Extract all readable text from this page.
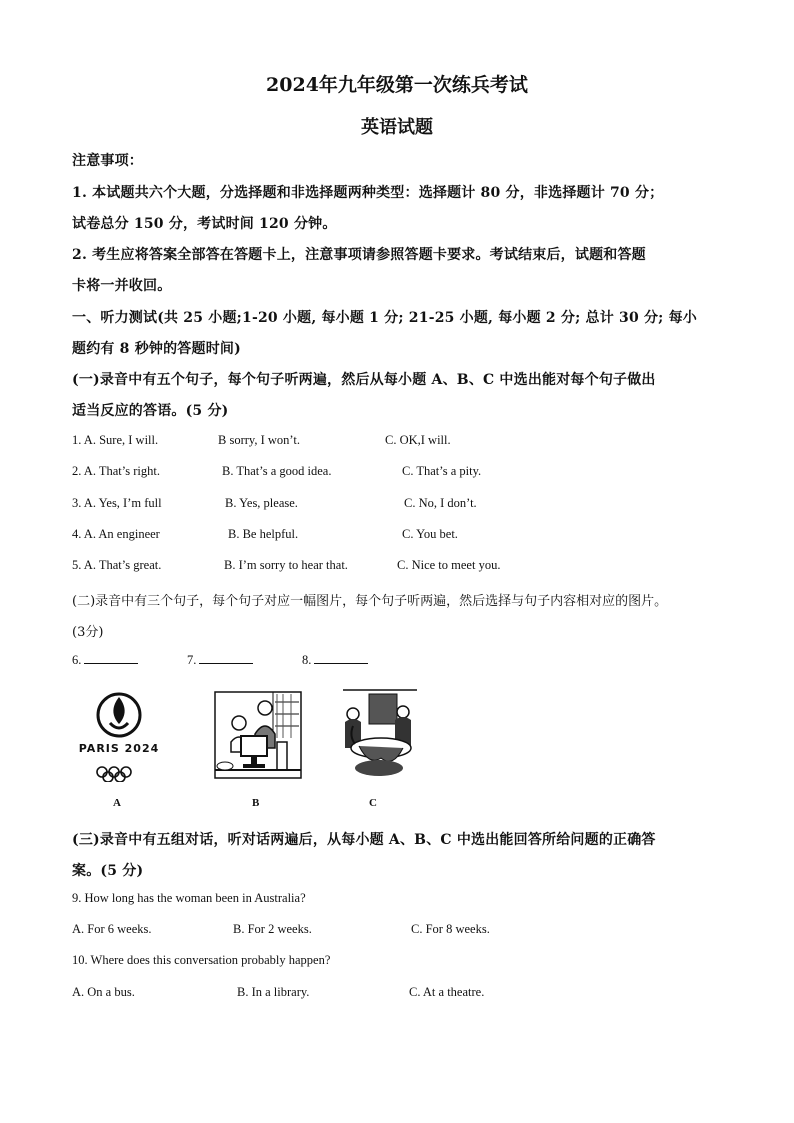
2024年九年级第一次练兵考试
英语试题
注意事项：
1. 本试题共六个大题，分选择题和非选择题两种类型：选择题计 80 分，非选择题计 70 分；
试卷总分 150 分，考试时间 120 分钟。
2. 考生应将答案全部答在答题卡上，注意事项请参照答题卡要求。考试结束后，试题和答题
卡将一并收回。
一、听力测试(共 25 小题;1-20 小题, 每小题 1 分; 21-25 小题, 每小题 2 分; 总计 30 分; 每小
题约有 8 秒钟的答题时间)
(一)录音中有五个句子，每个句子听两遍，然后从每小题 A、B、C 中选出能对每个句子做出
适当反应的答语。(5 分)
1. A. Sure, I will.	B sorry, I won’t.	C. OK,I will.
2. A. That’s right.	B. That’s a good idea.	C. That’s a pity.
3. A. Yes, I’m full	B. Yes, please.	C. No, I don’t.
4. A. An engineer	B. Be helpful.	C. You bet.
5. A. That’s great.	B. I’m sorry to hear that.	C. Nice to meet you.
(二)录音中有三个句子，每个句子对应一幅图片，每个句子听两遍，然后选择与句子内容相对应的图片。
(3分)
6.	7.	8.
PARIS 2024
A	B	C
(三)录音中有五组对话，听对话两遍后，从每小题 A、B、C 中选出能回答所给问题的正确答
案。(5 分)
9. How long has the woman been in Australia?
A. For 6 weeks.	B. For 2 weeks.	C. For 8 weeks.
10. Where does this conversation probably happen?
A. On a bus.	B. In a library.	C. At a theatre.
